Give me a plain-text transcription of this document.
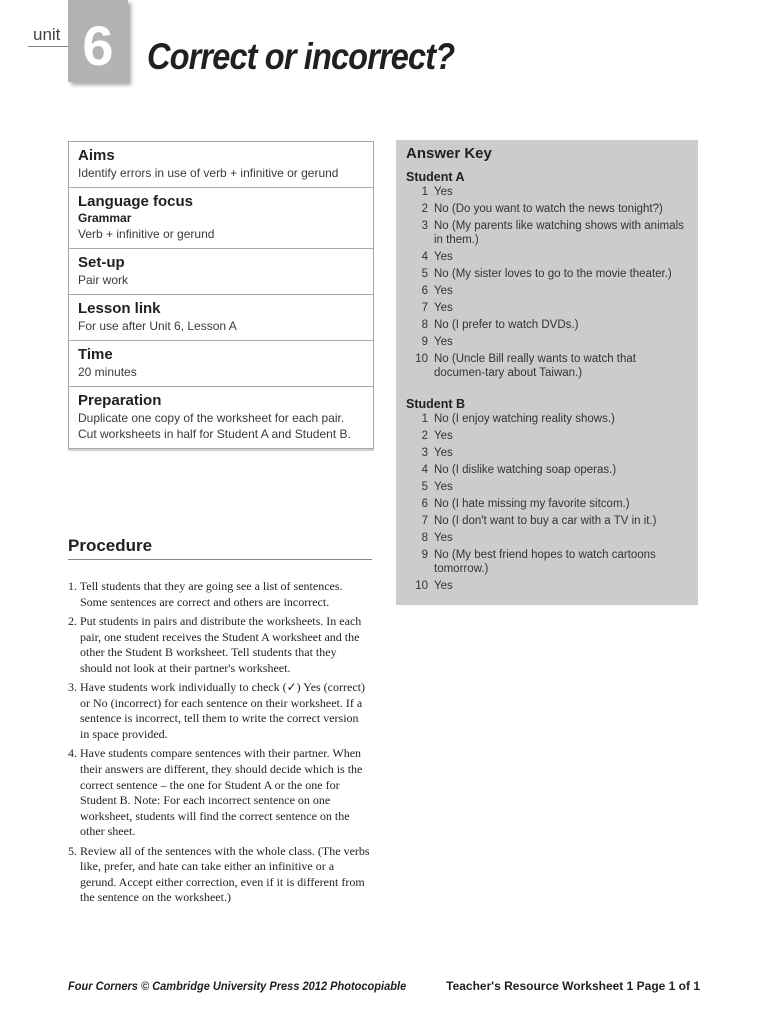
unit 6 Correct or incorrect?
Aims
Identify errors in use of verb + infinitive or gerund
Language focus
Grammar
Verb + infinitive or gerund
Set-up
Pair work
Lesson link
For use after Unit 6, Lesson A
Time
20 minutes
Preparation
Duplicate one copy of the worksheet for each pair. Cut worksheets in half for Student A and Student B.
Procedure
1. Tell students that they are going see a list of sentences. Some sentences are correct and others are incorrect.
2. Put students in pairs and distribute the worksheets. In each pair, one student receives the Student A worksheet and the other the Student B worksheet. Tell students that they should not look at their partner's worksheet.
3. Have students work individually to check (✓) Yes (correct) or No (incorrect) for each sentence on their worksheet. If a sentence is incorrect, tell them to write the correct version in space provided.
4. Have students compare sentences with their partner. When their answers are different, they should decide which is the correct sentence – the one for Student A or the one for Student B. Note: For each incorrect sentence on one worksheet, students will find the correct sentence on the other sheet.
5. Review all of the sentences with the whole class. (The verbs like, prefer, and hate can take either an infinitive or a gerund. Accept either correction, even if it is different from the sentence on the worksheet.)
Answer Key
Student A
1 Yes
2 No (Do you want to watch the news tonight?)
3 No (My parents like watching shows with animals in them.)
4 Yes
5 No (My sister loves to go to the movie theater.)
6 Yes
7 Yes
8 No (I prefer to watch DVDs.)
9 Yes
10 No (Uncle Bill really wants to watch that documen-tary about Taiwan.)
Student B
1 No (I enjoy watching reality shows.)
2 Yes
3 Yes
4 No (I dislike watching soap operas.)
5 Yes
6 No (I hate missing my favorite sitcom.)
7 No (I don't want to buy a car with a TV in it.)
8 Yes
9 No (My best friend hopes to watch cartoons tomorrow.)
10 Yes
Four Corners © Cambridge University Press 2012 Photocopiable	Teacher's Resource Worksheet 1 Page 1 of 1
